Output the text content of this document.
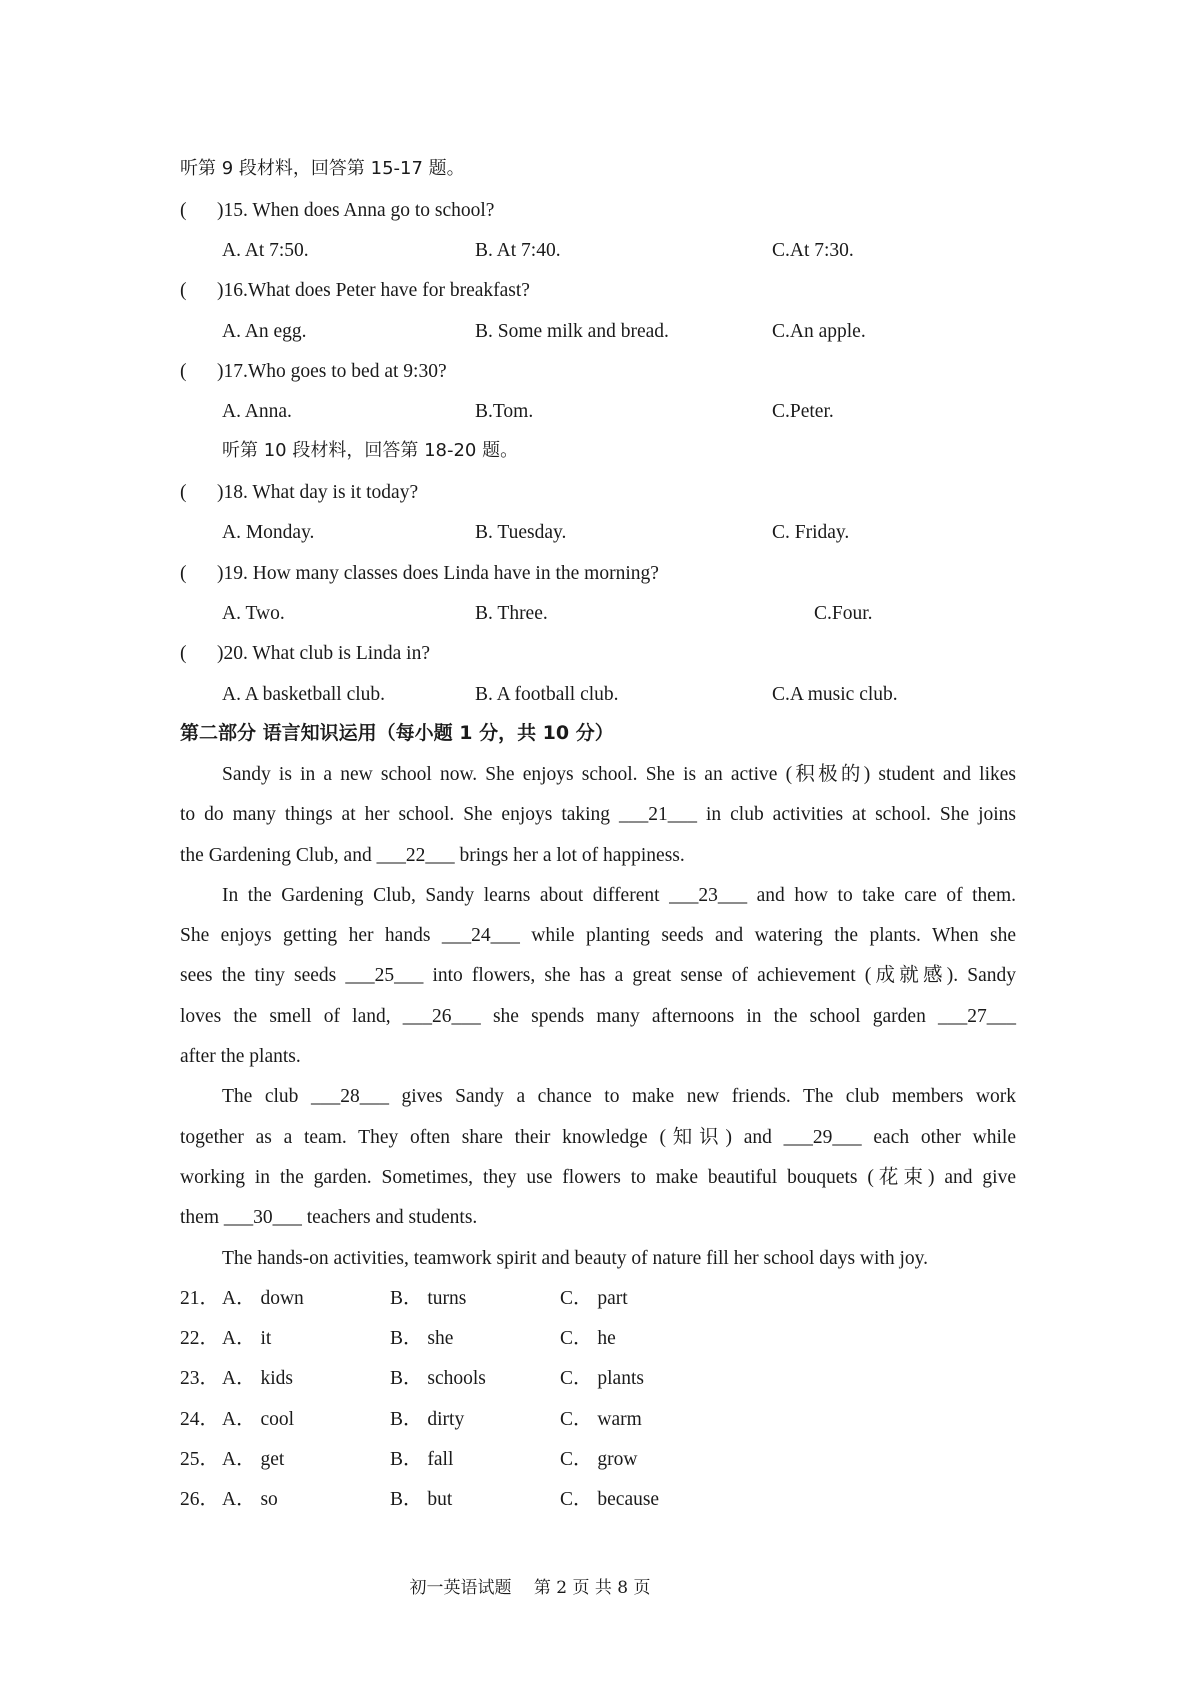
听第 9 段材料，回答第 15-17 题。
( )15. When does Anna go to school?
A. At 7:50.	B. At 7:40.	C.At 7:30.
( )16.What does Peter have for breakfast?
A. An egg.	B. Some milk and bread.	C.An apple.
( )17.Who goes to bed at 9:30?
A. Anna.	B.Tom.	C.Peter.
听第 10 段材料，回答第 18-20 题。
( )18. What day is it today?
A. Monday.	B. Tuesday.	C. Friday.
( )19. How many classes does Linda have in the morning?
A. Two.	B. Three.	C.Four.
( )20. What club is Linda in?
A. A basketball club.	B. A football club.	C.A music club.
第二部分 语言知识运用（每小题 1 分，共 10 分）
Sandy is in a new school now. She enjoys school. She is an active (积极的) student and likes
to do many things at her school. She enjoys taking ___21___ in club activities at school. She joins
the Gardening Club, and ___22___ brings her a lot of happiness.
In the Gardening Club, Sandy learns about different ___23___ and how to take care of them.
She enjoys getting her hands ___24___ while planting seeds and watering the plants. When she
sees the tiny seeds ___25___ into flowers, she has a great sense of achievement (成就感). Sandy
loves the smell of land, ___26___ she spends many afternoons in the school garden ___27___
after the plants.
The club ___28___ gives Sandy a chance to make new friends. The club members work
together as a team. They often share their knowledge (知识) and ___29___ each other while
working in the garden. Sometimes, they use flowers to make beautiful bouquets (花束) and give
them ___30___ teachers and students.
The hands-on activities, teamwork spirit and beauty of nature fill her school days with joy.
21． A． down	B． turns	C． part
22． A． it	B． she	C． he
23． A． kids	B． schools	C． plants
24． A． cool	B． dirty	C． warm
25． A． get	B． fall	C． grow
26． A． so	B． but	C． because
初一英语试题　 第 2 页 共 8 页
